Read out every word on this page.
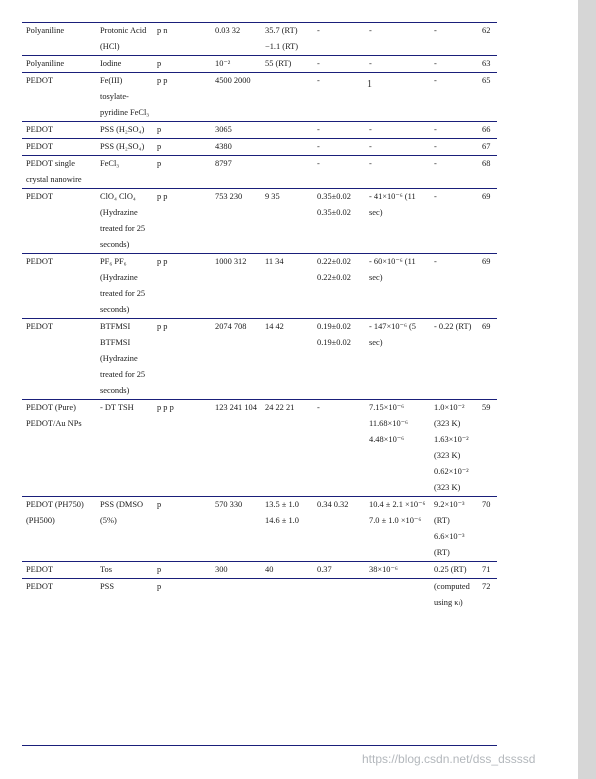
Polyaniline	Protonic Acid (HCl)	p n	0.03 32	35.7 (RT) −1.1 (RT)	-	-	-	62
Polyaniline	Iodine	p	10⁻²	55 (RT)	-	-	-	63
PEDOT	Fe(III) tosylate-pyridine FeCl₃	p p	4500 2000		-		-	65
PEDOT	PSS (H₂SO₄)	p	3065		-	-	-	66
PEDOT	PSS (H₂SO₄)	p	4380		-	-	-	67
PEDOT single crystal nanowire	FeCl₃	p	8797		-	-	-	68
PEDOT	ClO₄ ClO₄ (Hydrazine treated for 25 seconds)	p p	753 230	9 35	0.35±0.02 0.35±0.02	- 41×10⁻⁶ (11 sec)	-	69
PEDOT	PF₆ PF₆ (Hydrazine treated for 25 seconds)	p p	1000 312	11 34	0.22±0.02 0.22±0.02	- 60×10⁻⁶ (11 sec)	-	69
PEDOT	BTFMSI BTFMSI (Hydrazine treated for 25 seconds)	p p	2074 708	14 42	0.19±0.02 0.19±0.02	- 147×10⁻⁶ (5 sec)	- 0.22 (RT)	69
PEDOT (Pure) PEDOT/Au NPs	- DT TSH	p p p	123 241 104	24 22 21	-	7.15×10⁻⁶ 11.68×10⁻⁶ 4.48×10⁻⁶	1.0×10⁻² (323 K) 1.63×10⁻² (323 K) 0.62×10⁻² (323 K)	59
PEDOT (PH750) (PH500)	PSS (DMSO (5%)	p	570 330	13.5 ± 1.0 14.6 ± 1.0	0.34 0.32	10.4 ± 2.1 ×10⁻⁶ 7.0 ± 1.0 ×10⁻⁶	9.2×10⁻³ (RT) 6.6×10⁻³ (RT)	70
PEDOT	Tos	p	300	40	0.37	38×10⁻⁶	0.25 (RT)	71
PEDOT	PSS	p					(computed using κₗ)	72
1
https://blog.csdn.net/dss_dssssd
